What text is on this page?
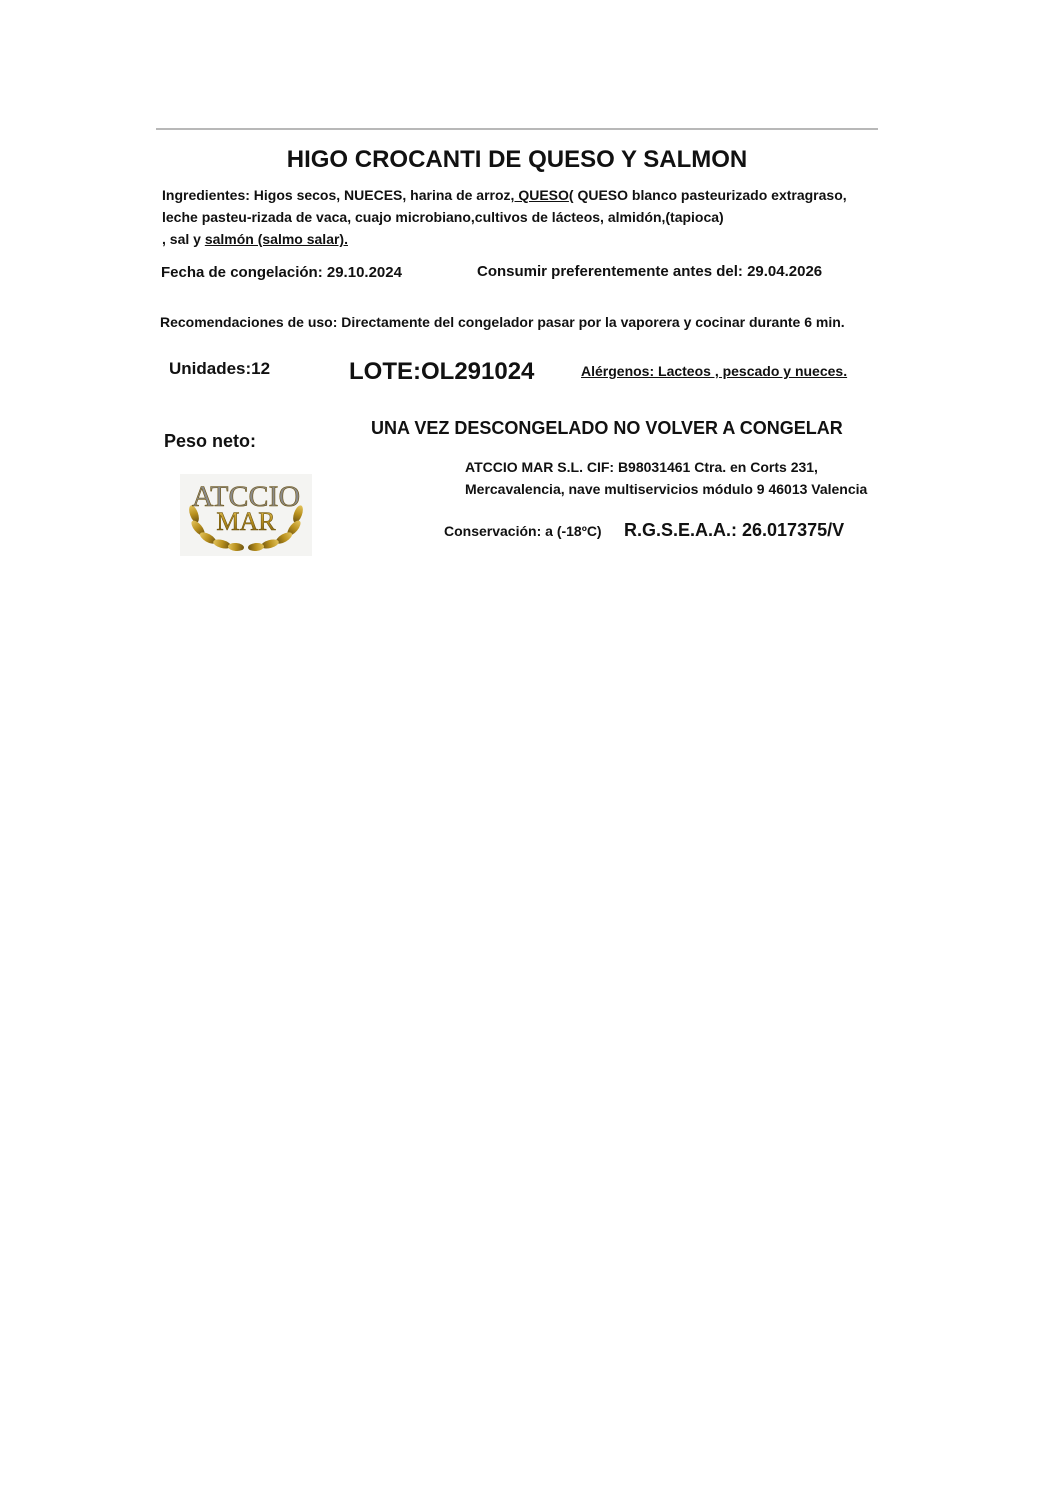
HIGO CROCANTI DE QUESO Y SALMON
Ingredientes: Higos secos, NUECES, harina de arroz, QUESO( QUESO blanco pasteurizado extragraso,
leche pasteu-rizada de vaca, cuajo microbiano,cultivos de lácteos, almidón,(tapioca)
, sal y salmón (salmo salar).
Fecha de congelación: 29.10.2024	Consumir preferentemente antes del: 29.04.2026
Recomendaciones de uso: Directamente del congelador pasar por la vaporera y cocinar durante 6 min.
Unidades:12	LOTE:OL291024	Alérgenos: Lacteos , pescado y nueces.
UNA VEZ DESCONGELADO NO VOLVER A CONGELAR
Peso neto:
ATCCIO MAR S.L. CIF: B98031461 Ctra. en Corts 231,
Mercavalencia, nave multiservicios módulo 9 46013 Valencia
Conservación: a (-18ºC) R.G.S.E.A.A.: 26.017375/V
ATCCIO
MAR
